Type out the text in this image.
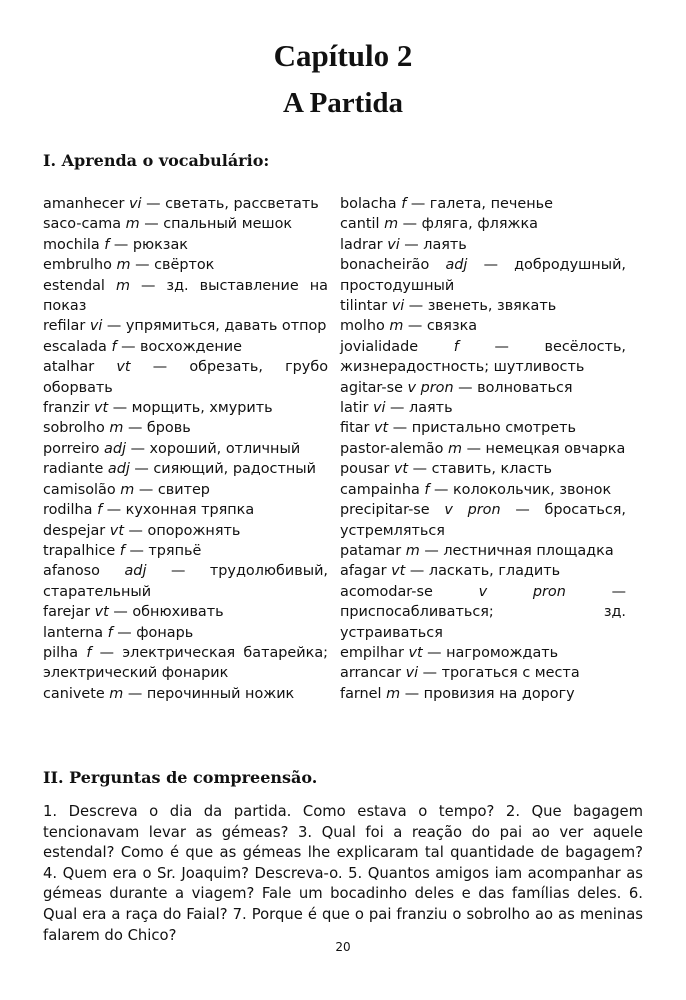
Capítulo 2
A Partida
I. Aprenda o vocabulário:
amanhecer vi — светать, рассветать
saco-cama m — спальный мешок
mochila f — рюкзак
embrulho m — свёрток
estendal m — зд. выставление на показ
refilar vi — упрямиться, давать отпор
escalada f — восхождение
atalhar vt — обрезать, грубо оборвать
franzir vt — морщить, хмурить
sobrolho m — бровь
porreiro adj — хороший, отличный
radiante adj — сияющий, радостный
camisolão m — свитер
rodilha f — кухонная тряпка
despejar vt — опорожнять
trapalhice f — тряпьё
afanoso adj — трудолюбивый, старательный
farejar vt — обнюхивать
lanterna f — фонарь
pilha f — электрическая батарейка; электрический фонарик
canivete m — перочинный ножик
bolacha f — галета, печенье
cantil m — фляга, фляжка
ladrar vi — лаять
bonacheirão adj — добродушный, простодушный
tilintar vi — звенеть, звякать
molho m — связка
jovialidade f — весёлость, жизнерадостность; шутливость
agitar-se v pron — волноваться
latir vi — лаять
fitar vt — пристально смотреть
pastor-alemão m — немецкая овчарка
pousar vt — ставить, класть
campainha f — колокольчик, звонок
precipitar-se v pron — бросаться, устремляться
patamar m — лестничная площадка
afagar vt — ласкать, гладить
acomodar-se	v pron — приспосабливаться; зд. устраиваться
empilhar vt — нагромождать
arrancar vi — трогаться с места
farnel m — провизия на дорогу
II. Perguntas de compreensão.

1. Descreva o dia da partida. Como estava o tempo? 2. Que bagagem tencionavam levar as gémeas? 3. Qual foi a reação do pai ao ver aquele estendal? Como é que as gémeas lhe explicaram tal quantidade de bagagem? 4. Quem era o Sr. Joaquim? Descreva-o. 5. Quantos amigos iam acompanhar as gémeas durante a viagem? Fale um bocadinho deles e das famílias deles. 6. Qual era a raça do Faial? 7. Porque é que o pai franziu o sobrolho ao as meninas falarem do Chico?

20
